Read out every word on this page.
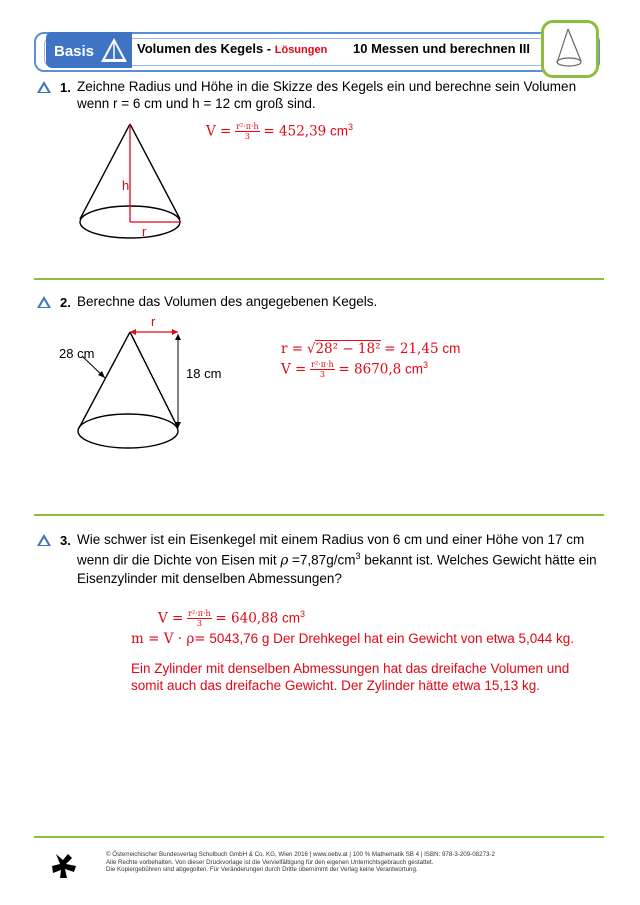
Basis	Volumen des Kegels - Lösungen 10 Messen und berechnen III
1. Zeichne Radius und Höhe in die Skizze des Kegels ein und berechne sein Volumen wenn r = 6 cm und h = 12 cm groß sind.
h
r
$V = \frac{\text{r²·π·h}}{3} = 452,39$ $cm^3$
2. Berechne das Volumen des angegebenen Kegels.
r
28 cm
18 cm
r = √28² − 18² = 21,45 cm
$V = \frac{\text{r²·π·h}}{3} = 8670,8$ $cm^3$
3. Wie schwer ist ein Eisenkegel mit einem Radius von 6 cm und einer Höhe von 17 cm wenn dir die Dichte von Eisen mit $\rho =7,87g/cm^3$ bekannt ist. Welches Gewicht hätte ein Eisenzylinder mit denselben Abmessungen?
$V = \frac{\text{r²·π·h}}{3} = 640,88$ $cm^3$
m = V · ρ= 5043,76 g Der Drehkegel hat ein Gewicht von etwa 5,044 kg.
Ein Zylinder mit denselben Abmessungen hat das dreifache Volumen und somit auch das dreifache Gewicht. Der Zylinder hätte etwa 15,13 kg.
© Österreichischer Bundesverlag Schulbuch GmbH & Co. KG, Wien 2016 | www.oebv.at | 100 % Mathematik SB 4 | ISBN: 978-3-209-08273-2
Alle Rechte vorbehalten. Von dieser Druckvorlage ist die Vervielfältigung für den eigenen Unterrichtsgebrauch gestattet.
Die Kopiergebühren sind abgegolten. Für Veränderungen durch Dritte übernimmt der Verlag keine Verantwortung.
